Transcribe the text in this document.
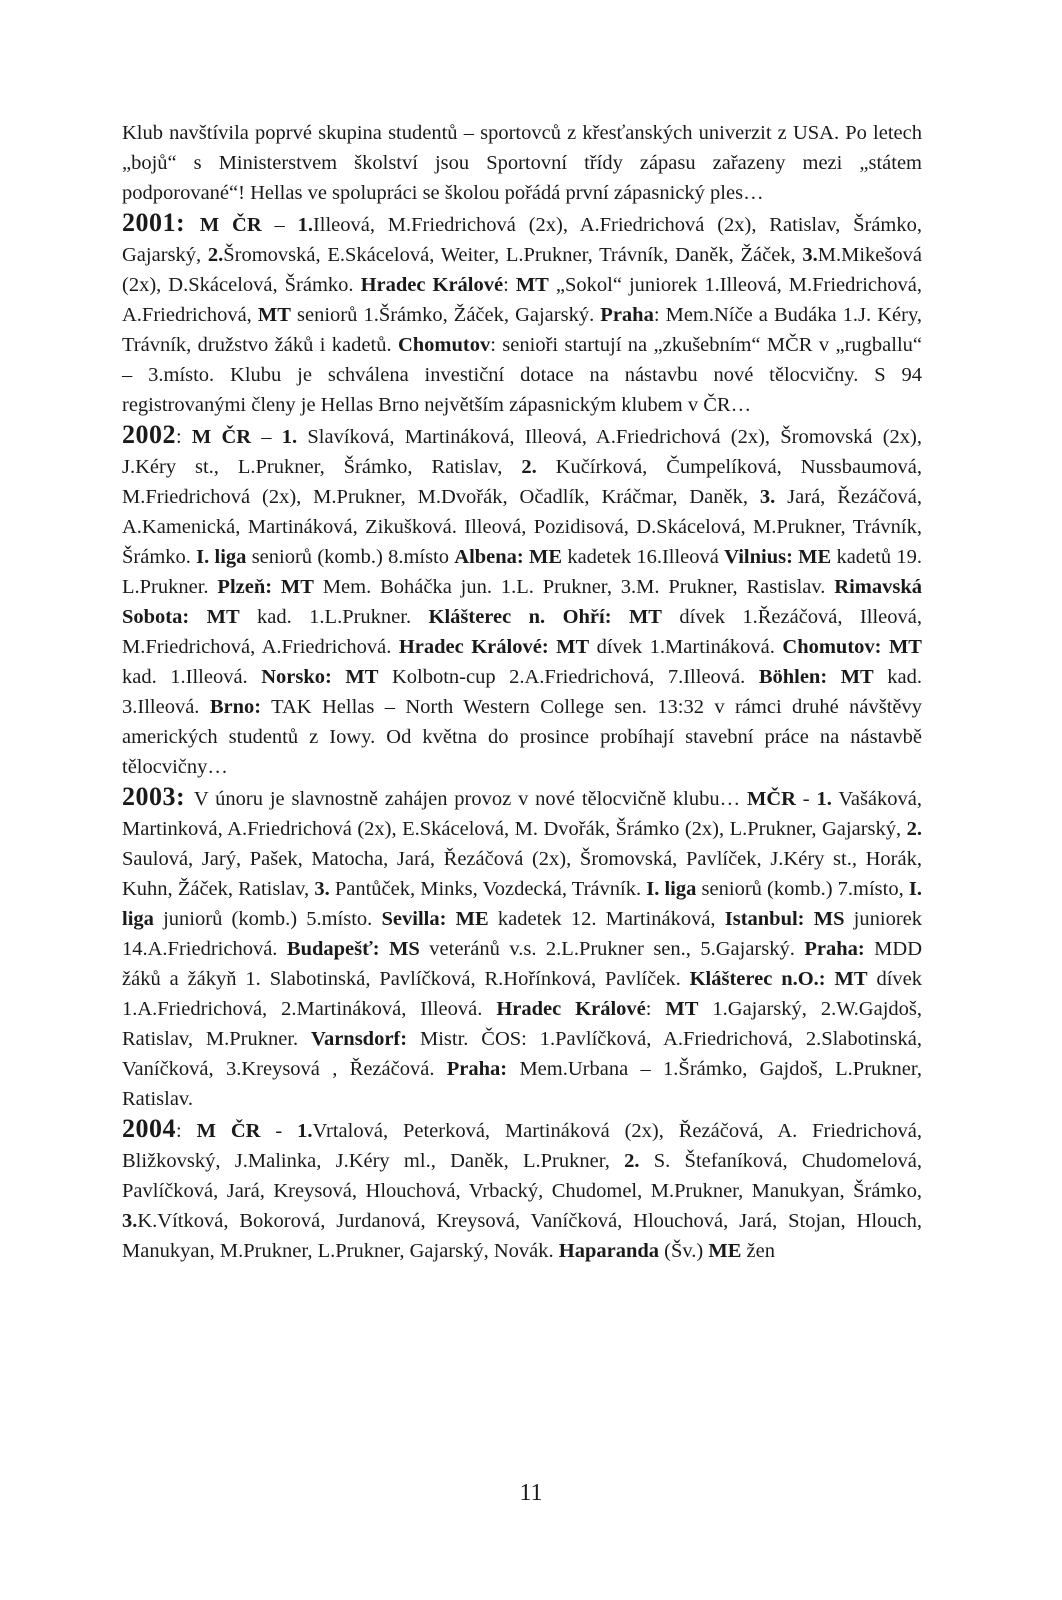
Klub navštívila poprvé skupina studentů – sportovců z křesťanských univerzit z USA. Po letech „bojů“ s Ministerstvem školství jsou Sportovní třídy zápasu zařazeny mezi „státem podporované“! Hellas ve spolupráci se školou pořádá první zápasnický ples…

2001: M ČR – 1.Illeová, M.Friedrichová (2x), A.Friedrichová (2x), Ratislav, Šrámko, Gajarský, 2.Šromovská, E.Skácelová, Weiter, L.Prukner, Trávník, Daněk, Žáček, 3.M.Mikešová (2x), D.Skácelová, Šrámko. Hradec Králové: MT „Sokol“ juniorek 1.Illeová, M.Friedrichová, A.Friedrichová, MT seniorů 1.Šrámko, Žáček, Gajarský. Praha: Mem.Níče a Budáka 1.J. Kéry, Trávník, družstvo žáků i kadetů. Chomutov: senioři startují na „zkušebním“ MČR v „rugballu“ – 3.místo. Klubu je schválena investiční dotace na nástavbu nové tělocvičny. S 94 registrovanými členy je Hellas Brno největším zápasnickým klubem v ČR…

2002: M ČR – 1. Slavíková, Martináková, Illeová, A.Friedrichová (2x), Šromovská (2x), J.Kéry st., L.Prukner, Šrámko, Ratislav, 2. Kučírková, Čumpelíková, Nussbaumová, M.Friedrichová (2x), M.Prukner, M.Dvořák, Očadlík, Kráčmar, Daněk, 3. Jará, Řezáčová, A.Kamenická, Martináková, Zikušková. Illeová, Pozidisová, D.Skácelová, M.Prukner, Trávník, Šrámko. I. liga seniorů (komb.) 8.místo Albena: ME kadetek 16.Illeová Vilnius: ME kadetů 19. L.Prukner. Plzeň: MT Mem. Boháčka jun. 1.L. Prukner, 3.M. Prukner, Rastislav. Rimavská Sobota: MT kad. 1.L.Prukner. Klášterec n. Ohří: MT dívek 1.Řezáčová, Illeová, M.Friedrichová, A.Friedrichová. Hradec Králové: MT dívek 1.Martináková. Chomutov: MT kad. 1.Illeová. Norsko: MT Kolbotn-cup 2.A.Friedrichová, 7.Illeová. Böhlen: MT kad. 3.Illeová. Brno: TAK Hellas – North Western College sen. 13:32 v rámci druhé návštěvy amerických studentů z Iowy. Od května do prosince probíhají stavební práce na nástavbě tělocvičny…

2003: V únoru je slavnostně zahájen provoz v nové tělocvičně klubu… MČR - 1. Vašáková, Martinková, A.Friedrichová (2x), E.Skácelová, M. Dvořák, Šrámko (2x), L.Prukner, Gajarský, 2. Saulová, Jarý, Pašek, Matocha, Jará, Řezáčová (2x), Šromovská, Pavlíček, J.Kéry st., Horák, Kuhn, Žáček, Ratislav, 3. Pantůček, Minks, Vozdecká, Trávník. I. liga seniorů (komb.) 7.místo, I. liga juniorů (komb.) 5.místo. Sevilla: ME kadetek 12. Martináková, Istanbul: MS juniorek 14.A.Friedrichová. Budapešť: MS veteránů v.s. 2.L.Prukner sen., 5.Gajarský. Praha: MDD žáků a žákyň 1. Slabotinská, Pavlíčková, R.Hořínková, Pavlíček. Klášterec n.O.: MT dívek 1.A.Friedrichová, 2.Martináková, Illeová. Hradec Králové: MT 1.Gajarský, 2.W.Gajdoš, Ratislav, M.Prukner. Varnsdorf: Mistr. ČOS: 1.Pavlíčková, A.Friedrichová, 2.Slabotinská, Vaníčková, 3.Kreysová , Řezáčová. Praha: Mem.Urbana – 1.Šrámko, Gajdoš, L.Prukner, Ratislav.

2004: M ČR - 1.Vrtalová, Peterková, Martináková (2x), Řezáčová, A. Friedrichová, Bližkovský, J.Malinka, J.Kéry ml., Daněk, L.Prukner, 2. S. Štefaníková, Chudomelová, Pavlíčková, Jará, Kreysová, Hlouchová, Vrbacký, Chudomel, M.Prukner, Manukyan, Šrámko, 3.K.Vítková, Bokorová, Jurdanová, Kreysová, Vaníčková, Hlouchová, Jará, Stojan, Hlouch, Manukyan, M.Prukner, L.Prukner, Gajarský, Novák. Haparanda (Šv.) ME žen

11
